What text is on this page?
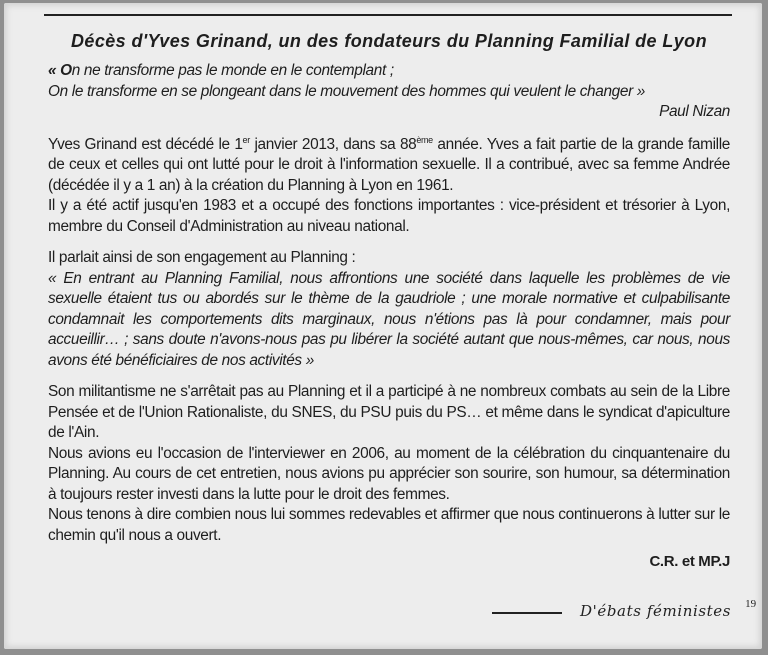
Décès d'Yves Grinand, un des fondateurs du Planning Familial de Lyon

« On ne transforme pas le monde en le contemplant ;

On le transforme en se plongeant dans le mouvement des hommes qui veulent le changer »

Paul Nizan

Yves Grinand est décédé le 1er janvier 2013, dans sa 88ème année. Yves a fait partie de la grande famille de ceux et celles qui ont lutté pour le droit à l'information sexuelle. Il a contribué, avec sa femme Andrée (décédée il y a 1 an) à la création du Planning à Lyon en 1961.

Il y a été actif jusqu'en 1983 et a occupé des fonctions importantes : vice-président et trésorier à Lyon, membre du Conseil d'Administration au niveau national.

Il parlait ainsi de son engagement au Planning :

« En entrant au Planning Familial, nous affrontions une société dans laquelle les problèmes de vie sexuelle étaient tus ou abordés sur le thème de la gaudriole ; une morale normative et culpabilisante condamnait les comportements dits marginaux, nous n'étions pas là pour condamner, mais pour accueillir… ; sans doute n'avons-nous pas pu libérer la société autant que nous-mêmes, car nous, nous avons été bénéficiaires de nos activités »

Son militantisme ne s'arrêtait pas au Planning et il a participé à ne nombreux combats au sein de la Libre Pensée et de l'Union Rationaliste, du SNES, du PSU puis du PS… et même dans le syndicat d'apiculture de l'Ain.

Nous avions eu l'occasion de l'interviewer en 2006, au moment de la célébration du cinquantenaire du Planning. Au cours de cet entretien, nous avions pu apprécier son sourire, son humour, sa détermination à toujours rester investi dans la lutte pour le droit des femmes.

Nous tenons à dire combien nous lui sommes redevables et affirmer que nous continuerons à lutter sur le chemin qu'il nous a ouvert.

C.R. et MP.J

D'ébats féministes 19
